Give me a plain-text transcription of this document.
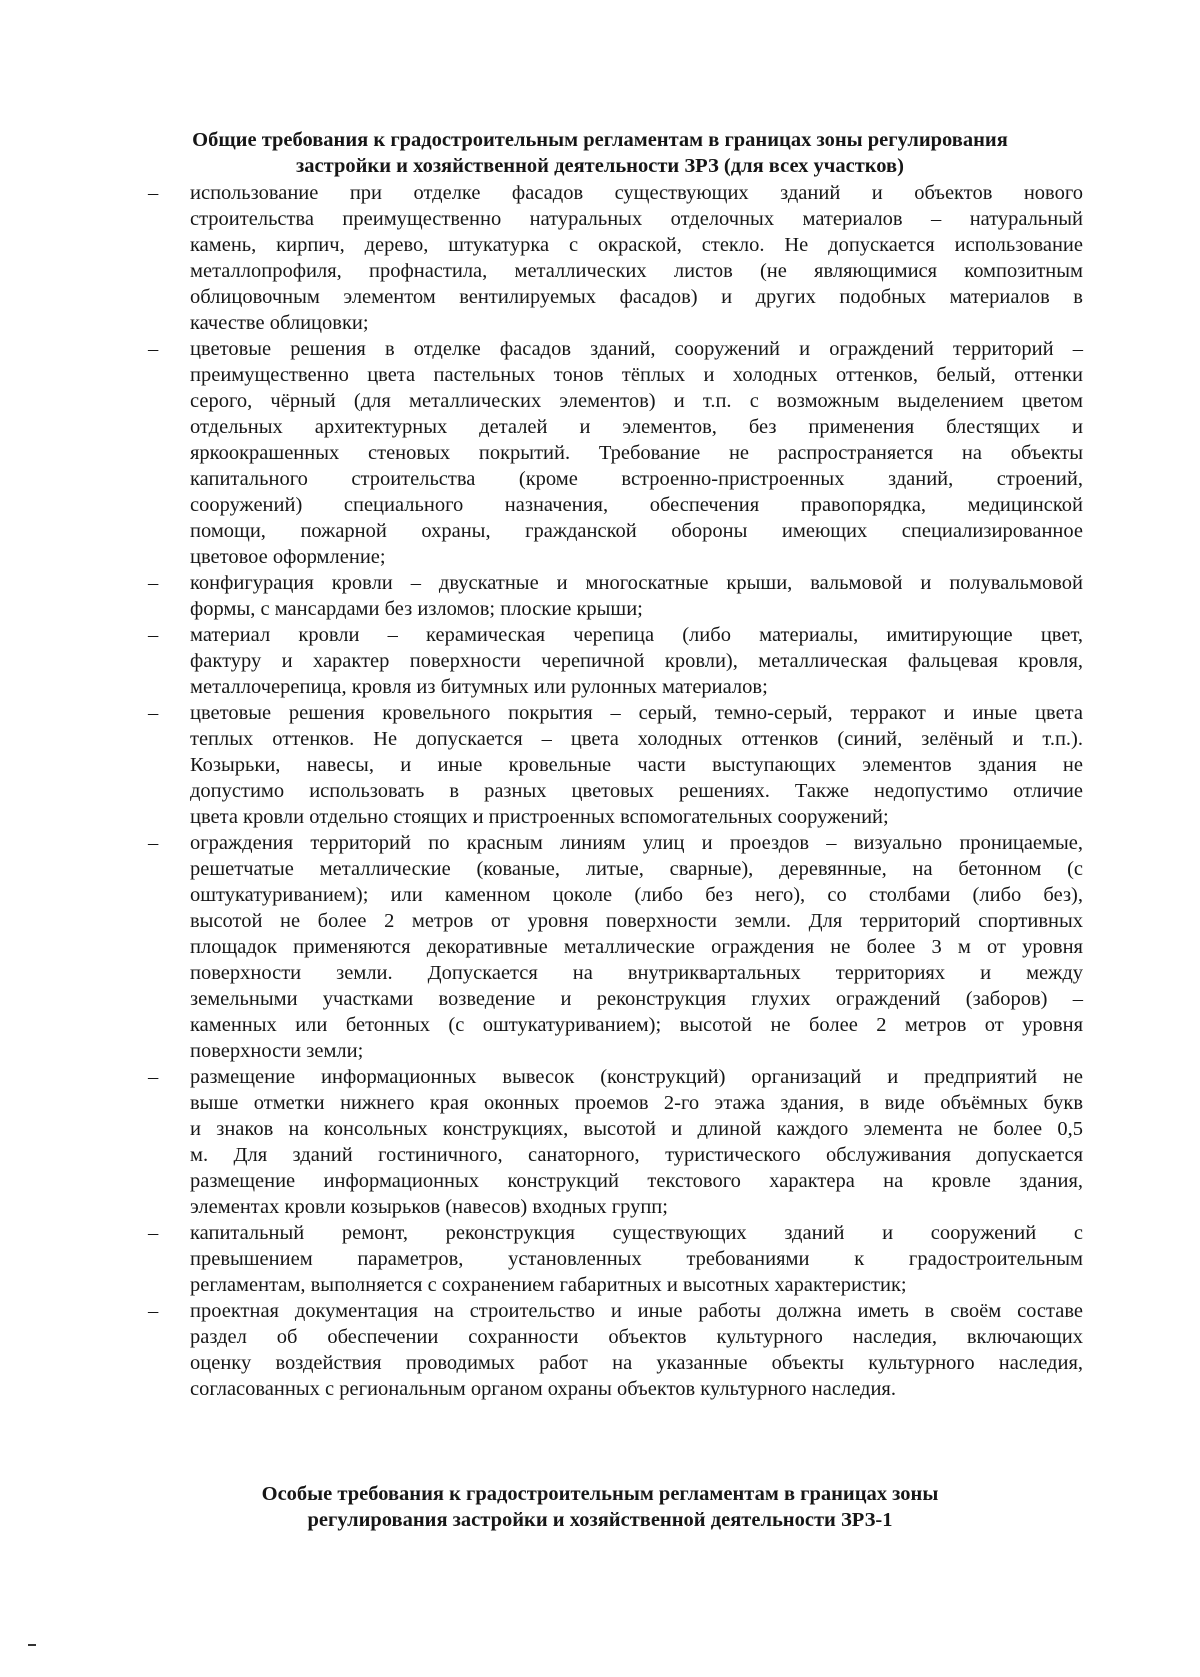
Общие требования к градостроительным регламентам в границах зоны регулирования
застройки и хозяйственной деятельности ЗРЗ (для всех участков)
–	использование при отделке фасадов существующих зданий и объектов нового
строительства преимущественно натуральных отделочных материалов – натуральный
камень, кирпич, дерево, штукатурка с окраской, стекло. Не допускается использование
металлопрофиля, профнастила, металлических листов (не являющимися композитным
облицовочным элементом вентилируемых фасадов) и других подобных материалов в
качестве облицовки;
–	цветовые решения в отделке фасадов зданий, сооружений и ограждений территорий –
преимущественно цвета пастельных тонов тёплых и холодных оттенков, белый, оттенки
серого, чёрный (для металлических элементов) и т.п. с возможным выделением цветом
отдельных архитектурных деталей и элементов, без применения блестящих и
яркоокрашенных стеновых покрытий. Требование не распространяется на объекты
капитального строительства (кроме встроенно-пристроенных зданий, строений,
сооружений) специального назначения, обеспечения правопорядка, медицинской
помощи, пожарной охраны, гражданской обороны имеющих специализированное
цветовое оформление;
–	конфигурация кровли – двускатные и многоскатные крыши, вальмовой и полувальмовой
формы, с мансардами без изломов; плоские крыши;
–	материал кровли – керамическая черепица (либо материалы, имитирующие цвет,
фактуру и характер поверхности черепичной кровли), металлическая фальцевая кровля,
металлочерепица, кровля из битумных или рулонных материалов;
–	цветовые решения кровельного покрытия – серый, темно-серый, терракот и иные цвета
теплых оттенков. Не допускается – цвета холодных оттенков (синий, зелёный и т.п.).
Козырьки, навесы, и иные кровельные части выступающих элементов здания не
допустимо использовать в разных цветовых решениях. Также недопустимо отличие
цвета кровли отдельно стоящих и пристроенных вспомогательных сооружений;
–	ограждения территорий по красным линиям улиц и проездов – визуально проницаемые,
решетчатые металлические (кованые, литые, сварные), деревянные, на бетонном (с
оштукатуриванием); или каменном цоколе (либо без него), со столбами (либо без),
высотой не более 2 метров от уровня поверхности земли. Для территорий спортивных
площадок применяются декоративные металлические ограждения не более 3 м от уровня
поверхности земли. Допускается на внутриквартальных территориях и между
земельными участками возведение и реконструкция глухих ограждений (заборов) –
каменных или бетонных (с оштукатуриванием); высотой не более 2 метров от уровня
поверхности земли;
–	размещение информационных вывесок (конструкций) организаций и предприятий не
выше отметки нижнего края оконных проемов 2-го этажа здания, в виде объёмных букв
и знаков на консольных конструкциях, высотой и длиной каждого элемента не более 0,5
м. Для зданий гостиничного, санаторного, туристического обслуживания допускается
размещение информационных конструкций текстового характера на кровле здания,
элементах кровли козырьков (навесов) входных групп;
–	капитальный ремонт, реконструкция существующих зданий и сооружений с
превышением параметров, установленных требованиями к градостроительным
регламентам, выполняется с сохранением габаритных и высотных характеристик;
–	проектная документация на строительство и иные работы должна иметь в своём составе
раздел об обеспечении сохранности объектов культурного наследия, включающих
оценку воздействия проводимых работ на указанные объекты культурного наследия,
согласованных с региональным органом охраны объектов культурного наследия.
Особые требования к градостроительным регламентам в границах зоны
регулирования застройки и хозяйственной деятельности ЗРЗ-1
